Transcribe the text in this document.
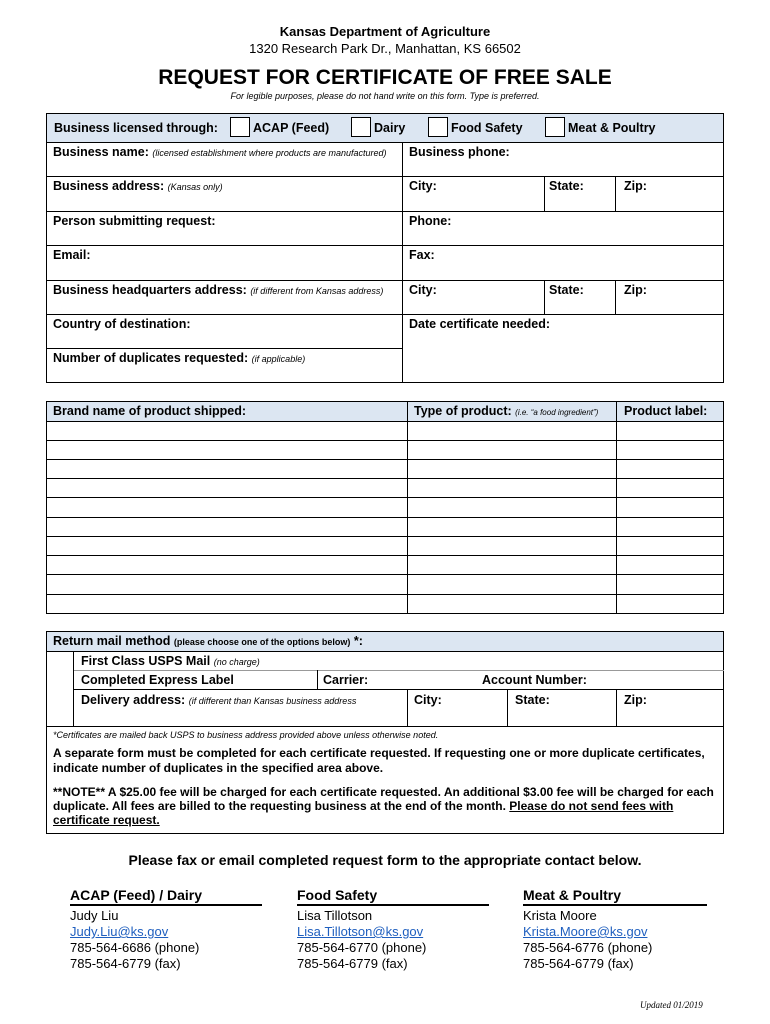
Kansas Department of Agriculture
1320 Research Park Dr., Manhattan, KS 66502
REQUEST FOR CERTIFICATE OF FREE SALE
For legible purposes, please do not hand write on this form. Type is preferred.
Business licensed through:	ACAP (Feed)	Dairy	Food Safety	Meat & Poultry
Business name: (licensed establishment where products are manufactured) Business phone:
Business address: (Kansas only)	City:	State:	Zip:
Person submitting request:	Phone:
Email:	Fax:
Business headquarters address: (if different from Kansas address) City:	State:	Zip:
Country of destination:	Date certificate needed:
Number of duplicates requested: (if applicable)
Brand name of product shipped:	Type of product: (i.e. “a food ingredient”) Product label:
Return mail method (please choose one of the options below) *:
First Class USPS Mail (no charge)
Completed Express Label	Carrier:	Account Number:
Delivery address: (if different than Kansas business address	City:	State:	Zip:
*Certificates are mailed back USPS to business address provided above unless otherwise noted.
A separate form must be completed for each certificate requested. If requesting one or more duplicate certificates, indicate number of duplicates in the specified area above.
**NOTE** A $25.00 fee will be charged for each certificate requested. An additional $3.00 fee will be charged for each duplicate. All fees are billed to the requesting business at the end of the month. Please do not send fees with certificate request.
Please fax or email completed request form to the appropriate contact below.
ACAP (Feed) / Dairy
Judy Liu
Judy.Liu@ks.gov
785-564-6686 (phone)
785-564-6779 (fax)
Food Safety
Lisa Tillotson
Lisa.Tillotson@ks.gov
785-564-6770 (phone)
785-564-6779 (fax)
Meat & Poultry
Krista Moore
Krista.Moore@ks.gov
785-564-6776 (phone)
785-564-6779 (fax)
Updated 01/2019
